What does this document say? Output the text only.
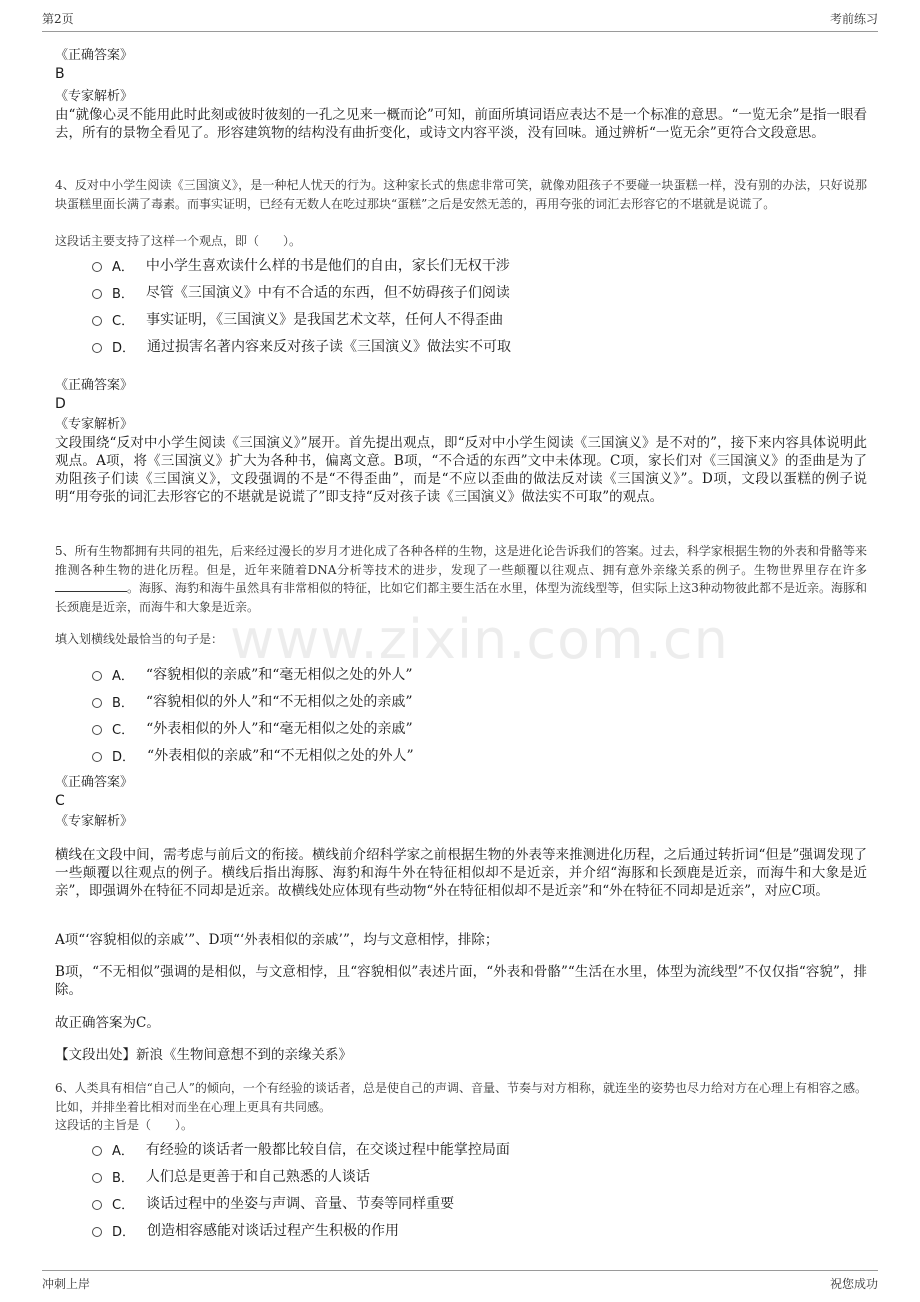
第2页	考前练习
www.zixin.com.cn
《正确答案》
B
《专家解析》
由“就像心灵不能用此时此刻或彼时彼刻的一孔之见来一概而论”可知，前面所填词语应表达不是一个标准的意思。“一览无余”是指一眼看去，所有的景物全看见了。形容建筑物的结构没有曲折变化，或诗文内容平淡，没有回味。通过辨析“一览无余”更符合文段意思。
4、反对中小学生阅读《三国演义》，是一种杞人忧天的行为。这种家长式的焦虑非常可笑，就像劝阻孩子不要碰一块蛋糕一样，没有别的办法，只好说那块蛋糕里面长满了毒素。而事实证明，已经有无数人在吃过那块“蛋糕”之后是安然无恙的，再用夸张的词汇去形容它的不堪就是说谎了。
这段话主要支持了这样一个观点，即（　　）。
A． 中小学生喜欢读什么样的书是他们的自由，家长们无权干涉
B． 尽管《三国演义》中有不合适的东西，但不妨碍孩子们阅读
C． 事实证明，《三国演义》是我国艺术文萃，任何人不得歪曲
D． 通过损害名著内容来反对孩子读《三国演义》做法实不可取
《正确答案》
D
《专家解析》
文段围绕“反对中小学生阅读《三国演义》”展开。首先提出观点，即“反对中小学生阅读《三国演义》是不对的”，接下来内容具体说明此观点。A项，将《三国演义》扩大为各种书，偏离文意。B项，“不合适的东西”文中未体现。C项，家长们对《三国演义》的歪曲是为了劝阻孩子们读《三国演义》，文段强调的不是“不得歪曲”，而是“不应以歪曲的做法反对读《三国演义》”。D项，文段以蛋糕的例子说明“用夸张的词汇去形容它的不堪就是说谎了”即支持“反对孩子读《三国演义》做法实不可取”的观点。
5、所有生物都拥有共同的祖先，后来经过漫长的岁月才进化成了各种各样的生物，这是进化论告诉我们的答案。过去，科学家根据生物的外表和骨骼等来推测各种生物的进化历程。但是，近年来随着DNA分析等技术的进步，发现了一些颠覆以往观点、拥有意外亲缘关系的例子。生物世界里存在许多。海豚、海豹和海牛虽然具有非常相似的特征，比如它们都主要生活在水里，体型为流线型等，但实际上这3种动物彼此都不是近亲。海豚和长颈鹿是近亲，而海牛和大象是近亲。
填入划横线处最恰当的句子是：
A． “容貌相似的亲戚”和“毫无相似之处的外人”
B． “容貌相似的外人”和“不无相似之处的亲戚”
C． “外表相似的外人”和“毫无相似之处的亲戚”
D． “外表相似的亲戚”和“不无相似之处的外人”
《正确答案》
C
《专家解析》
横线在文段中间，需考虑与前后文的衔接。横线前介绍科学家之前根据生物的外表等来推测进化历程，之后通过转折词“但是”强调发现了一些颠覆以往观点的例子。横线后指出海豚、海豹和海牛外在特征相似却不是近亲，并介绍“海豚和长颈鹿是近亲，而海牛和大象是近亲”，即强调外在特征不同却是近亲。故横线处应体现有些动物“外在特征相似却不是近亲”和“外在特征不同却是近亲”，对应C项。
A项“‘容貌相似的亲戚’”、D项“‘外表相似的亲戚’”，均与文意相悖，排除；
B项，“不无相似”强调的是相似，与文意相悖，且“容貌相似”表述片面，“外表和骨骼”“生活在水里，体型为流线型”不仅仅指“容貌”，排除。
故正确答案为C。
【文段出处】新浪《生物间意想不到的亲缘关系》
6、人类具有相信“自己人”的倾向，一个有经验的谈话者，总是使自己的声调、音量、节奏与对方相称，就连坐的姿势也尽力给对方在心理上有相容之感。比如，并排坐着比相对而坐在心理上更具有共同感。
这段话的主旨是（　　）。
A． 有经验的谈话者一般都比较自信，在交谈过程中能掌控局面
B． 人们总是更善于和自己熟悉的人谈话
C． 谈话过程中的坐姿与声调、音量、节奏等同样重要
D． 创造相容感能对谈话过程产生积极的作用
冲刺上岸	祝您成功
